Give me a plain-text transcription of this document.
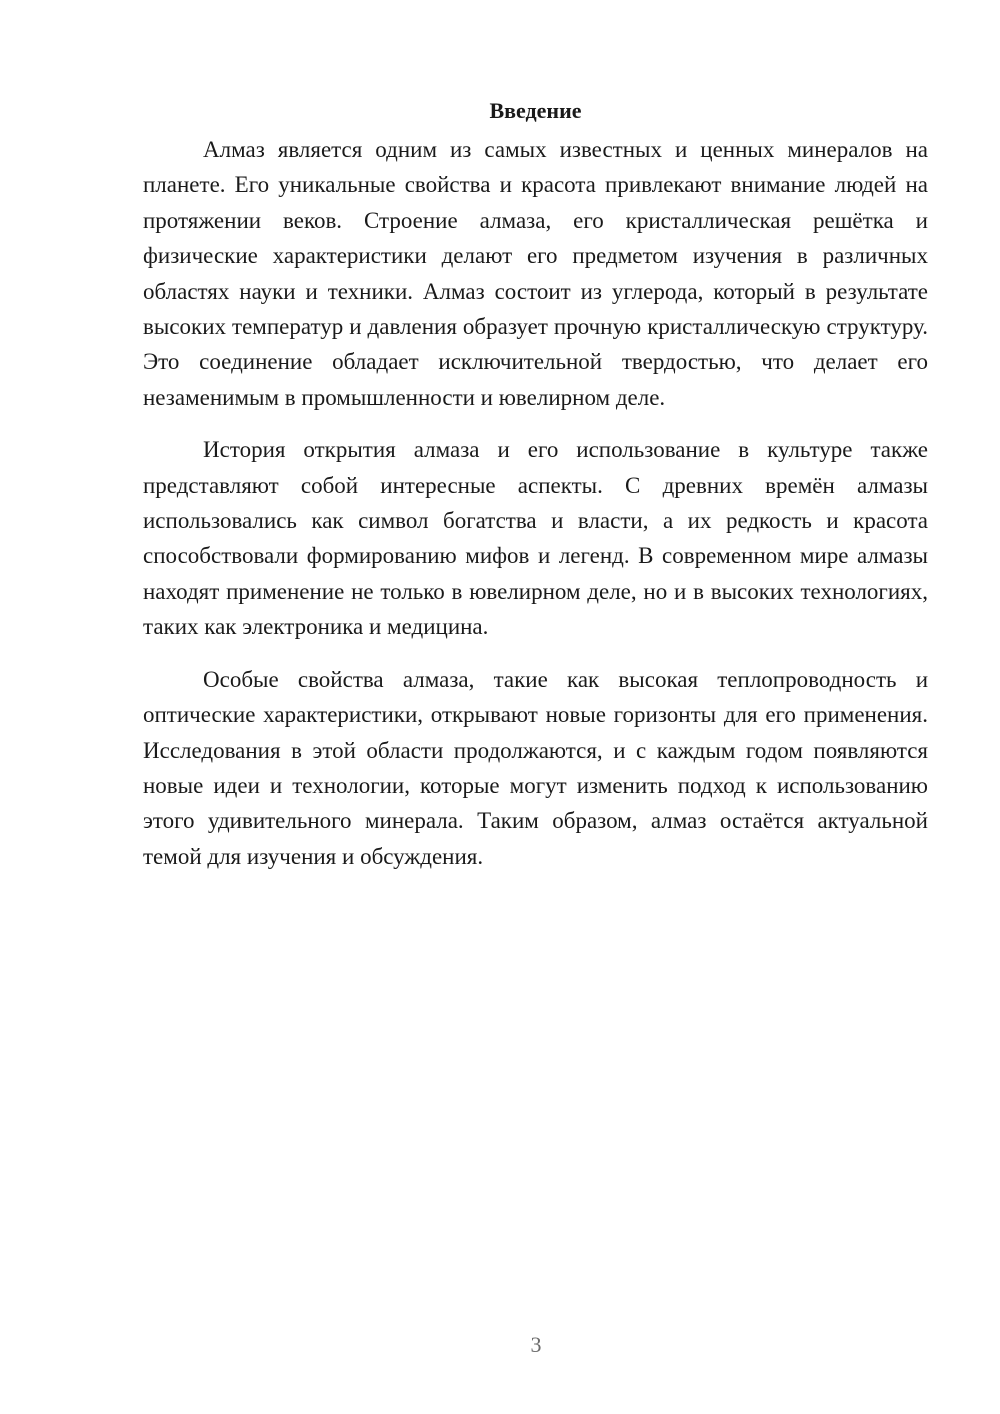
Введение

Алмаз является одним из самых известных и ценных минералов на планете. Его уникальные свойства и красота привлекают внимание людей на протяжении веков. Строение алмаза, его кристаллическая решётка и физические характеристики делают его предметом изучения в различных областях науки и техники. Алмаз состоит из углерода, который в результате высоких температур и давления образует прочную кристаллическую структуру. Это соединение обладает исключительной твердостью, что делает его незаменимым в промышленности и ювелирном деле.

История открытия алмаза и его использование в культуре также представляют собой интересные аспекты. С древних времён алмазы использовались как символ богатства и власти, а их редкость и красота способствовали формированию мифов и легенд. В современном мире алмазы находят применение не только в ювелирном деле, но и в высоких технологиях, таких как электроника и медицина.

Особые свойства алмаза, такие как высокая теплопроводность и оптические характеристики, открывают новые горизонты для его применения. Исследования в этой области продолжаются, и с каждым годом появляются новые идеи и технологии, которые могут изменить подход к использованию этого удивительного минерала. Таким образом, алмаз остаётся актуальной темой для изучения и обсуждения.

3
